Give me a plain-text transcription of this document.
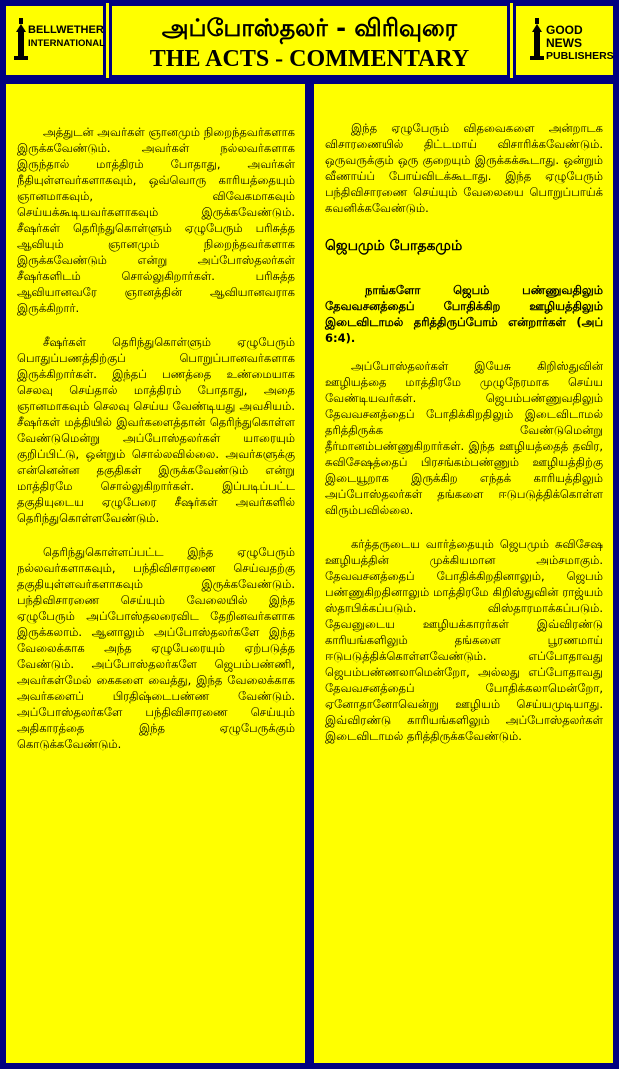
BELLWETHER
INTERNATIONAL
அப்போஸ்தலர் - விரிவுரை
THE ACTS - COMMENTARY
GOOD NEWS
PUBLISHERS

அத்துடன் அவர்கள் ஞானமும் நிறைந்தவர்களாக இருக்கவேண்டும். அவர்கள் நல்லவர்களாக இருந்தால் மாத்திரம் போதாது, அவர்கள் நீதியுள்ளவர்களாகவும், ஒவ்வொரு காரியத்தையும் ஞானமாகவும், விவேகமாகவும் செய்யக்கூடியவர்களாகவும் இருக்கவேண்டும். சீஷர்கள் தெரிந்துகொள்ளும் ஏழுபேரும் பரிசுத்த ஆவியும் ஞானமும் நிறைந்தவர்களாக இருக்கவேண்டும் என்று அப்போஸ்தலர்கள் சீஷர்களிடம் சொல்லுகிறார்கள். பரிசுத்த ஆவியானவரே ஞானத்தின் ஆவியானவராக இருக்கிறார்.

சீஷர்கள் தெரிந்துகொள்ளும் ஏழுபேரும் பொதுப்பணத்திற்குப் பொறுப்பானவர்களாக இருக்கிறார்கள். இந்தப் பணத்தை உண்மையாக செலவு செய்தால் மாத்திரம் போதாது, அதை ஞானமாகவும் செலவு செய்ய வேண்டியது அவசியம். சீஷர்கள் மத்தியில் இவர்களைத்தான் தெரிந்துகொள்ள வேண்டுமென்று அப்போஸ்தலர்கள் யாரையும் குறிப்பிட்டு, ஒன்றும் சொல்லவில்லை. அவர்களுக்கு என்னென்ன தகுதிகள் இருக்கவேண்டும் என்று மாத்திரமே சொல்லுகிறார்கள். இப்படிப்பட்ட தகுதியுடைய ஏழுபேரை சீஷர்கள் அவர்களில் தெரிந்துகொள்ளவேண்டும்.

தெரிந்துகொள்ளப்பட்ட இந்த ஏழுபேரும் நல்லவர்களாகவும், பந்திவிசாரணை செய்வதற்கு தகுதியுள்ளவர்களாகவும் இருக்கவேண்டும். பந்திவிசாரணை செய்யும் வேலையில் இந்த ஏழுபேரும் அப்போஸ்தலரைவிட தேறினவர்களாக இருக்கலாம். ஆனாலும் அப்போஸ்தலர்களே இந்த வேலைக்காக அந்த ஏழுபேரையும் ஏற்படுத்த வேண்டும். அப்போஸ்தலர்களே ஜெபம்பண்ணி, அவர்கள்மேல் கைகளை வைத்து, இந்த வேலைக்காக அவர்களைப் பிரதிஷ்டைபண்ண வேண்டும். அப்போஸ்தலர்களே பந்திவிசாரணை செய்யும் அதிகாரத்தை இந்த ஏழுபேருக்கும் கொடுக்கவேண்டும்.

இந்த ஏழுபேரும் விதவைகளை அன்றாடக விசாரணையில் திட்டமாய் விசாரிக்கவேண்டும். ஒருவருக்கும் ஒரு குறையும் இருக்கக்கூடாது. ஒன்றும் வீணாய்ப் போய்விடக்கூடாது. இந்த ஏழுபேரும் பந்திவிசாரணை செய்யும் வேலையை பொறுப்பாய்க் கவனிக்கவேண்டும்.

ஜெபமும் போதகமும்

நாங்களோ ஜெபம் பண்ணுவதிலும் தேவவசனத்தைப் போதிக்கிற ஊழியத்திலும் இடைவிடாமல் தரித்திருப்போம் என்றார்கள் (அப் 6:4).

அப்போஸ்தலர்கள் இயேசு கிறிஸ்துவின் ஊழியத்தை மாத்திரமே முழுநேரமாக செய்ய வேண்டியவர்கள். ஜெபம்பண்ணுவதிலும் தேவவசனத்தைப் போதிக்கிறதிலும் இடைவிடாமல் தரித்திருக்க வேண்டுமென்று தீர்மானம்பண்ணுகிறார்கள். இந்த ஊழியத்தைத் தவிர, சுவிசேஷத்தைப் பிரசங்கம்பண்ணும் ஊழியத்திற்கு இடையூறாக இருக்கிற எந்தக் காரியத்திலும் அப்போஸ்தலர்கள் தங்களை ஈடுபடுத்திக்கொள்ள விரும்பவில்லை.

கர்த்தருடைய வார்த்தையும் ஜெபமும் சுவிசேஷ ஊழியத்தின் முக்கியமான அம்சமாகும். தேவவசனத்தைப் போதிக்கிறதினாலும், ஜெபம் பண்ணுகிறதினாலும் மாத்திரமே கிறிஸ்துவின் ராஜ்யம் ஸ்தாபிக்கப்படும். விஸ்தாரமாக்கப்படும். தேவனுடைய ஊழியக்காரர்கள் இவ்விரண்டு காரியங்களிலும் தங்களை பூரணமாய் ஈடுபடுத்திக்கொள்ளவேண்டும். எப்போதாவது ஜெபம்பண்ணலாமென்றோ, அல்லது எப்போதாவது தேவவசனத்தைப் போதிக்கலாமென்றோ, ஏனோதானோவென்று ஊழியம் செய்யமுடியாது. இவ்விரண்டு காரியங்களிலும் அப்போஸ்தலர்கள் இடைவிடாமல் தரித்திருக்கவேண்டும்.
